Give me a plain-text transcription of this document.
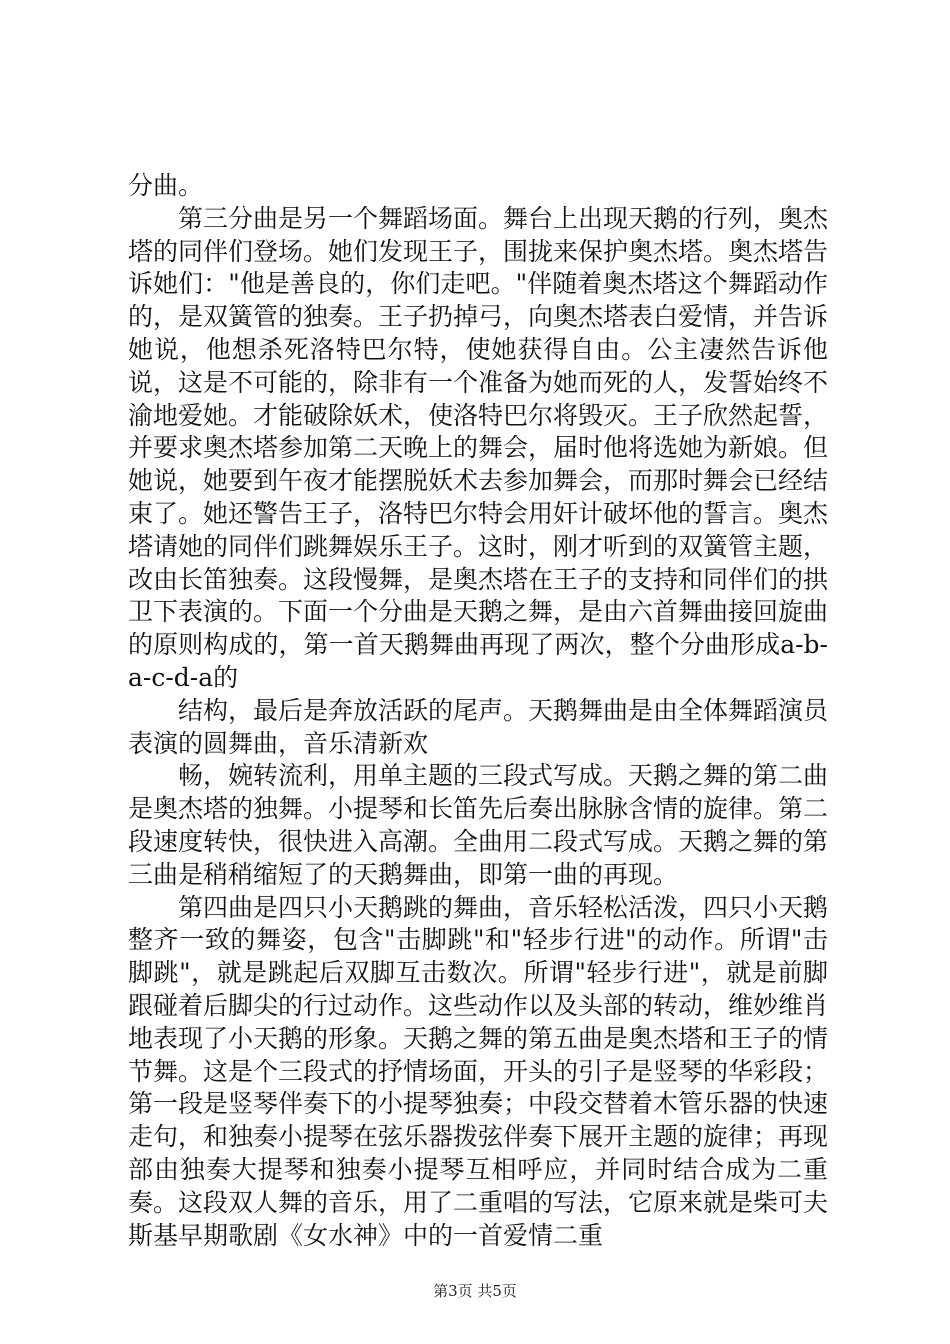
分曲。

第三分曲是另一个舞蹈场面。舞台上出现天鹅的行列，奥杰塔的同伴们登场。她们发现王子，围拢来保护奥杰塔。奥杰塔告诉她们："他是善良的，你们走吧。"伴随着奥杰塔这个舞蹈动作的，是双簧管的独奏。王子扔掉弓，向奥杰塔表白爱情，并告诉她说，他想杀死洛特巴尔特，使她获得自由。公主凄然告诉他说，这是不可能的，除非有一个准备为她而死的人，发誓始终不渝地爱她。才能破除妖术，使洛特巴尔将毁灭。王子欣然起誓，并要求奥杰塔参加第二天晚上的舞会，届时他将选她为新娘。但她说，她要到午夜才能摆脱妖术去参加舞会，而那时舞会已经结束了。她还警告王子，洛特巴尔特会用奸计破坏他的誓言。奥杰塔请她的同伴们跳舞娱乐王子。这时，刚才听到的双簧管主题，改由长笛独奏。这段慢舞，是奥杰塔在王子的支持和同伴们的拱卫下表演的。下面一个分曲是天鹅之舞，是由六首舞曲接回旋曲的原则构成的，第一首天鹅舞曲再现了两次，整个分曲形成a-b-a-c-d-a的

结构，最后是奔放活跃的尾声。天鹅舞曲是由全体舞蹈演员表演的圆舞曲，音乐清新欢

畅，婉转流利，用单主题的三段式写成。天鹅之舞的第二曲是奥杰塔的独舞。小提琴和长笛先后奏出脉脉含情的旋律。第二段速度转快，很快进入高潮。全曲用二段式写成。天鹅之舞的第三曲是稍稍缩短了的天鹅舞曲，即第一曲的再现。

第四曲是四只小天鹅跳的舞曲，音乐轻松活泼，四只小天鹅整齐一致的舞姿，包含"击脚跳"和"轻步行进"的动作。所谓"击脚跳"，就是跳起后双脚互击数次。所谓"轻步行进"，就是前脚跟碰着后脚尖的行过动作。这些动作以及头部的转动，维妙维肖地表现了小天鹅的形象。天鹅之舞的第五曲是奥杰塔和王子的情节舞。这是个三段式的抒情场面，开头的引子是竖琴的华彩段；第一段是竖琴伴奏下的小提琴独奏；中段交替着木管乐器的快速走句，和独奏小提琴在弦乐器拨弦伴奏下展开主题的旋律；再现部由独奏大提琴和独奏小提琴互相呼应，并同时结合成为二重奏。这段双人舞的音乐，用了二重唱的写法，它原来就是柴可夫斯基早期歌剧《女水神》中的一首爱情二重

第3页 共5页
